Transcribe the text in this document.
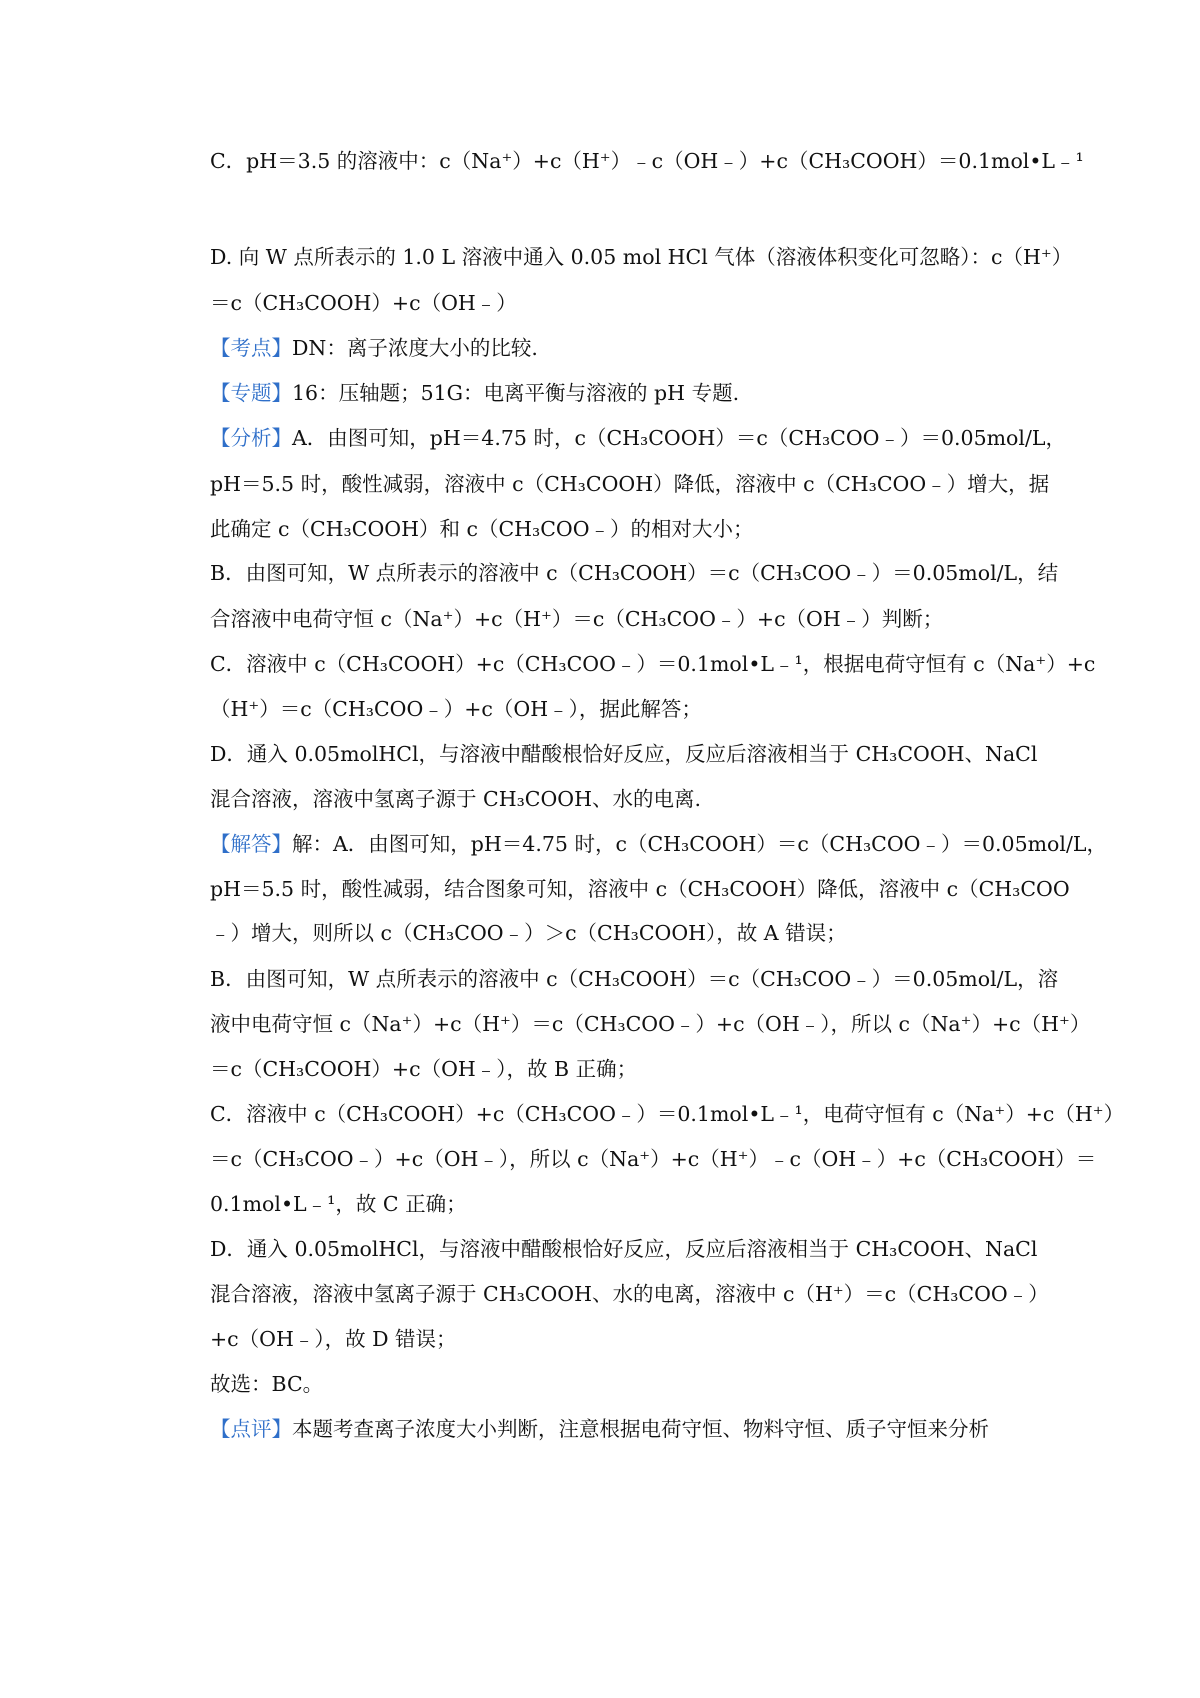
C．pH＝3.5 的溶液中：c（Na⁺）+c（H⁺）﹣c（OH﹣）+c（CH₃COOH）＝0.1mol•L﹣¹
D. 向 W 点所表示的 1.0 L 溶液中通入 0.05 mol HCl 气体（溶液体积变化可忽略）：c（H⁺）
＝c（CH₃COOH）+c（OH﹣）
【考点】DN：离子浓度大小的比较.
【专题】16：压轴题；51G：电离平衡与溶液的 pH 专题.
【分析】A．由图可知，pH＝4.75 时，c（CH₃COOH）＝c（CH₃COO﹣）＝0.05mol/L，
pH＝5.5 时，酸性减弱，溶液中 c（CH₃COOH）降低，溶液中 c（CH₃COO﹣）增大，据
此确定 c（CH₃COOH）和 c（CH₃COO﹣）的相对大小；
B．由图可知，W 点所表示的溶液中 c（CH₃COOH）＝c（CH₃COO﹣）＝0.05mol/L，结
合溶液中电荷守恒 c（Na⁺）+c（H⁺）＝c（CH₃COO﹣）+c（OH﹣）判断；
C．溶液中 c（CH₃COOH）+c（CH₃COO﹣）＝0.1mol•L﹣¹，根据电荷守恒有 c（Na⁺）+c
（H⁺）＝c（CH₃COO﹣）+c（OH﹣），据此解答；
D．通入 0.05molHCl，与溶液中醋酸根恰好反应，反应后溶液相当于 CH₃COOH、NaCl
混合溶液，溶液中氢离子源于 CH₃COOH、水的电离.
【解答】解：A．由图可知，pH＝4.75 时，c（CH₃COOH）＝c（CH₃COO﹣）＝0.05mol/L，
pH＝5.5 时，酸性减弱，结合图象可知，溶液中 c（CH₃COOH）降低，溶液中 c（CH₃COO
﹣）增大，则所以 c（CH₃COO﹣）＞c（CH₃COOH），故 A 错误；
B．由图可知，W 点所表示的溶液中 c（CH₃COOH）＝c（CH₃COO﹣）＝0.05mol/L，溶
液中电荷守恒 c（Na⁺）+c（H⁺）＝c（CH₃COO﹣）+c（OH﹣），所以 c（Na⁺）+c（H⁺）
＝c（CH₃COOH）+c（OH﹣），故 B 正确；
C．溶液中 c（CH₃COOH）+c（CH₃COO﹣）＝0.1mol•L﹣¹，电荷守恒有 c（Na⁺）+c（H⁺）
＝c（CH₃COO﹣）+c（OH﹣），所以 c（Na⁺）+c（H⁺）﹣c（OH﹣）+c（CH₃COOH）＝
0.1mol•L﹣¹，故 C 正确；
D．通入 0.05molHCl，与溶液中醋酸根恰好反应，反应后溶液相当于 CH₃COOH、NaCl
混合溶液，溶液中氢离子源于 CH₃COOH、水的电离，溶液中 c（H⁺）＝c（CH₃COO﹣）
+c（OH﹣），故 D 错误；
故选：BC。
【点评】本题考查离子浓度大小判断，注意根据电荷守恒、物料守恒、质子守恒来分析
